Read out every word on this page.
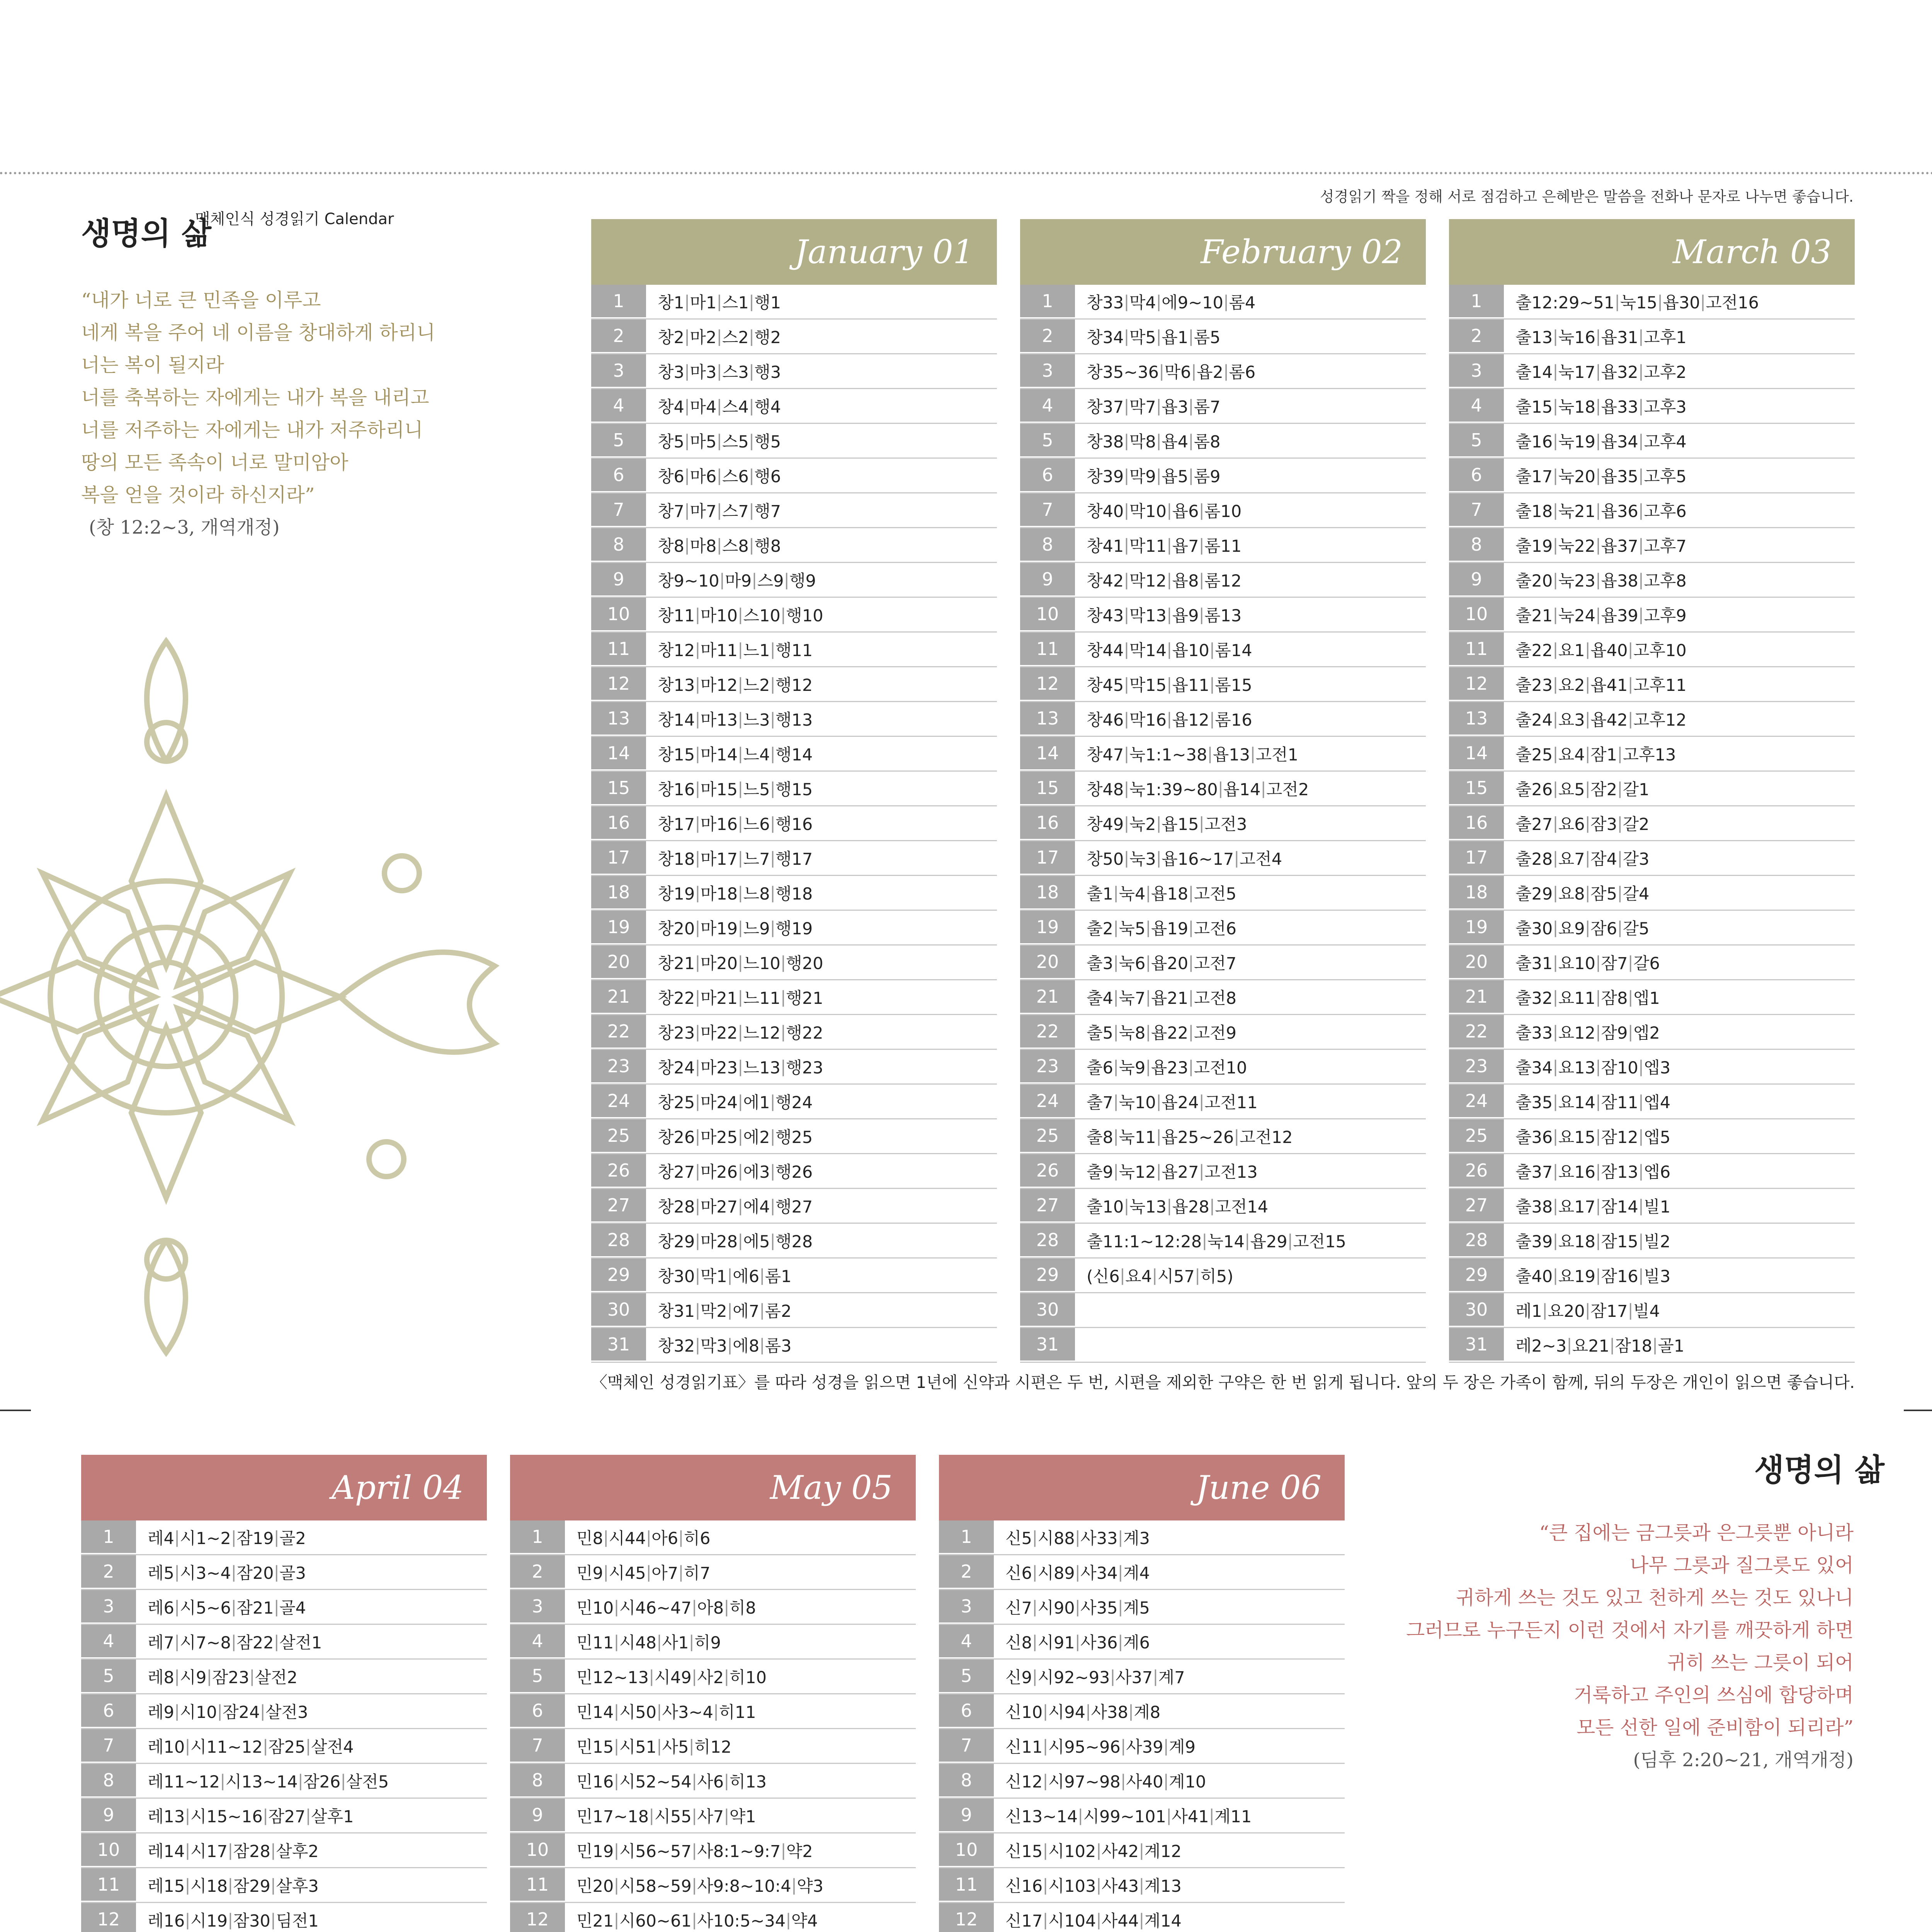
생명의 삶
맥체인식 성경읽기 Calendar
성경읽기 짝을 정해 서로 점검하고 은혜받은 말씀을 전화나 문자로 나누면 좋습니다.
“내가 너로 큰 민족을 이루고
네게 복을 주어 네 이름을 창대하게 하리니
너는 복이 될지라
너를 축복하는 자에게는 내가 복을 내리고
너를 저주하는 자에게는 내가 저주하리니
땅의 모든 족속이 너로 말미암아
복을 얻을 것이라 하신지라”
(창 12:2~3, 개역개정)
January 01
1	창1 | 마1 | 스1 | 행1
2	창2 | 마2 | 스2 | 행2
3	창3 | 마3 | 스3 | 행3
4	창4 | 마4 | 스4 | 행4
5	창5 | 마5 | 스5 | 행5
6	창6 | 마6 | 스6 | 행6
7	창7 | 마7 | 스7 | 행7
8	창8 | 마8 | 스8 | 행8
9	창9~10 | 마9 | 스9 | 행9
10	창11 | 마10 | 스10 | 행10
11	창12 | 마11 | 느1 | 행11
12	창13 | 마12 | 느2 | 행12
13	창14 | 마13 | 느3 | 행13
14	창15 | 마14 | 느4 | 행14
15	창16 | 마15 | 느5 | 행15
16	창17 | 마16 | 느6 | 행16
17	창18 | 마17 | 느7 | 행17
18	창19 | 마18 | 느8 | 행18
19	창20 | 마19 | 느9 | 행19
20	창21 | 마20 | 느10 | 행20
21	창22 | 마21 | 느11 | 행21
22	창23 | 마22 | 느12 | 행22
23	창24 | 마23 | 느13 | 행23
24	창25 | 마24 | 에1 | 행24
25	창26 | 마25 | 에2 | 행25
26	창27 | 마26 | 에3 | 행26
27	창28 | 마27 | 에4 | 행27
28	창29 | 마28 | 에5 | 행28
29	창30 | 막1 | 에6 | 롬1
30	창31 | 막2 | 에7 | 롬2
31	창32 | 막3 | 에8 | 롬3
February 02
1	창33 | 막4 | 에9~10 | 롬4
2	창34 | 막5 | 욥1 | 롬5
3	창35~36 | 막6 | 욥2 | 롬6
4	창37 | 막7 | 욥3 | 롬7
5	창38 | 막8 | 욥4 | 롬8
6	창39 | 막9 | 욥5 | 롬9
7	창40 | 막10 | 욥6 | 롬10
8	창41 | 막11 | 욥7 | 롬11
9	창42 | 막12 | 욥8 | 롬12
10	창43 | 막13 | 욥9 | 롬13
11	창44 | 막14 | 욥10 | 롬14
12	창45 | 막15 | 욥11 | 롬15
13	창46 | 막16 | 욥12 | 롬16
14	창47 | 눅1:1~38 | 욥13 | 고전1
15	창48 | 눅1:39~80 | 욥14 | 고전2
16	창49 | 눅2 | 욥15 | 고전3
17	창50 | 눅3 | 욥16~17 | 고전4
18	출1 | 눅4 | 욥18 | 고전5
19	출2 | 눅5 | 욥19 | 고전6
20	출3 | 눅6 | 욥20 | 고전7
21	출4 | 눅7 | 욥21 | 고전8
22	출5 | 눅8 | 욥22 | 고전9
23	출6 | 눅9 | 욥23 | 고전10
24	출7 | 눅10 | 욥24 | 고전11
25	출8 | 눅11 | 욥25~26 | 고전12
26	출9 | 눅12 | 욥27 | 고전13
27	출10 | 눅13 | 욥28 | 고전14
28	출11:1~12:28 | 눅14 | 욥29 | 고전15
29	(신6 | 요4 | 시57 | 히5)
30
31
March 03
1	출12:29~51 | 눅15 | 욥30 | 고전16
2	출13 | 눅16 | 욥31 | 고후1
3	출14 | 눅17 | 욥32 | 고후2
4	출15 | 눅18 | 욥33 | 고후3
5	출16 | 눅19 | 욥34 | 고후4
6	출17 | 눅20 | 욥35 | 고후5
7	출18 | 눅21 | 욥36 | 고후6
8	출19 | 눅22 | 욥37 | 고후7
9	출20 | 눅23 | 욥38 | 고후8
10	출21 | 눅24 | 욥39 | 고후9
11	출22 | 요1 | 욥40 | 고후10
12	출23 | 요2 | 욥41 | 고후11
13	출24 | 요3 | 욥42 | 고후12
14	출25 | 요4 | 잠1 | 고후13
15	출26 | 요5 | 잠2 | 갈1
16	출27 | 요6 | 잠3 | 갈2
17	출28 | 요7 | 잠4 | 갈3
18	출29 | 요8 | 잠5 | 갈4
19	출30 | 요9 | 잠6 | 갈5
20	출31 | 요10 | 잠7 | 갈6
21	출32 | 요11 | 잠8 | 엡1
22	출33 | 요12 | 잠9 | 엡2
23	출34 | 요13 | 잠10 | 엡3
24	출35 | 요14 | 잠11 | 엡4
25	출36 | 요15 | 잠12 | 엡5
26	출37 | 요16 | 잠13 | 엡6
27	출38 | 요17 | 잠14 | 빌1
28	출39 | 요18 | 잠15 | 빌2
29	출40 | 요19 | 잠16 | 빌3
30	레1 | 요20 | 잠17 | 빌4
31	레2~3 | 요21 | 잠18 | 골1
〈맥체인 성경읽기표〉를 따라 성경을 읽으면 1년에 신약과 시편은 두 번, 시편을 제외한 구약은 한 번 읽게 됩니다. 앞의 두 장은 가족이 함께, 뒤의 두장은 개인이 읽으면 좋습니다.
April 04
1	레4 | 시1~2 | 잠19 | 골2
2	레5 | 시3~4 | 잠20 | 골3
3	레6 | 시5~6 | 잠21 | 골4
4	레7 | 시7~8 | 잠22 | 살전1
5	레8 | 시9 | 잠23 | 살전2
6	레9 | 시10 | 잠24 | 살전3
7	레10 | 시11~12 | 잠25 | 살전4
8	레11~12 | 시13~14 | 잠26 | 살전5
9	레13 | 시15~16 | 잠27 | 살후1
10	레14 | 시17 | 잠28 | 살후2
11	레15 | 시18 | 잠29 | 살후3
12	레16 | 시19 | 잠30 | 딤전1
May 05
1	민8 | 시44 | 아6 | 히6
2	민9 | 시45 | 아7 | 히7
3	민10 | 시46~47 | 아8 | 히8
4	민11 | 시48 | 사1 | 히9
5	민12~13 | 시49 | 사2 | 히10
6	민14 | 시50 | 사3~4 | 히11
7	민15 | 시51 | 사5 | 히12
8	민16 | 시52~54 | 사6 | 히13
9	민17~18 | 시55 | 사7 | 약1
10	민19 | 시56~57 | 사8:1~9:7 | 약2
11	민20 | 시58~59 | 사9:8~10:4 | 약3
12	민21 | 시60~61 | 사10:5~34 | 약4
June 06
1	신5 | 시88 | 사33 | 계3
2	신6 | 시89 | 사34 | 계4
3	신7 | 시90 | 사35 | 계5
4	신8 | 시91 | 사36 | 계6
5	신9 | 시92~93 | 사37 | 계7
6	신10 | 시94 | 사38 | 계8
7	신11 | 시95~96 | 사39 | 계9
8	신12 | 시97~98 | 사40 | 계10
9	신13~14 | 시99~101 | 사41 | 계11
10	신15 | 시102 | 사42 | 계12
11	신16 | 시103 | 사43 | 계13
12	신17 | 시104 | 사44 | 계14
생명의 삶
“큰 집에는 금그릇과 은그릇뿐 아니라
나무 그릇과 질그릇도 있어
귀하게 쓰는 것도 있고 천하게 쓰는 것도 있나니
그러므로 누구든지 이런 것에서 자기를 깨끗하게 하면
귀히 쓰는 그릇이 되어
거룩하고 주인의 쓰심에 합당하며
모든 선한 일에 준비함이 되리라”
(딤후 2:20~21, 개역개정)
